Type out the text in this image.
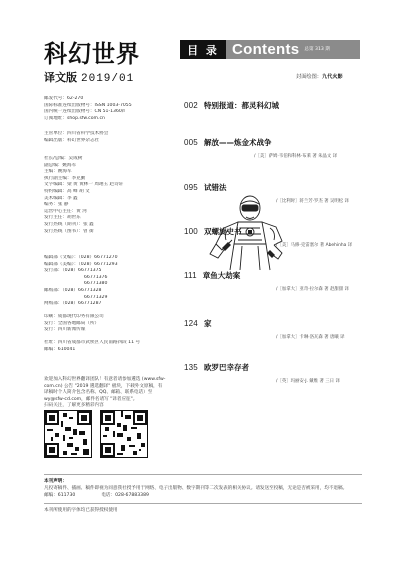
科幻世界
译文版 2019/01
邮发代号：62-270
国际标准连续出版物号：ISSN 1003-7055
国内统一连续出版物号：CN 51-1360/I
订阅地址：shop.sfw.com.cn
主管单位：四川省科学技术协会
编辑出版：科幻世界杂志社
社长/总编：吴成树
副总编：姚海军
主编：姚海军
执行副主编：李克勤
文字编辑：梁 黄 黄林一 周翊玉 赵诗轩
特约编辑：高 峰 胡 文
美术编辑：李 鑫
编务：张 静
运营中心主任：黄 河
发行主任：胡世东
发行热线（期刊）：张 鑫
发行热线（图书）：曾 街
编辑部（文编）：（028）66771270
编辑部（美编）：（028）66771293
发行部：（028）66771375
66771376
66771380
邮购部：（028）66771328
66771329
网购部：（028）66771287
印刷：成都现代印务有限公司
发行：全国各地邮局（所）
发行：四川新闻传媒
社址：四川省成都市武侯区人民南路四段 11 号
邮编：610041
欢迎加入科幻世界翻译团队！有意者请参加遴选 (www.sfw-com.cn) 公告 "2019 遴选翻译" 板块，下载外文原稿，有译稿时个人简介包含名称、QQ、邮箱、联系电话）至 wy@sfw-cd.com，邮件名请写 "译者应征"。
扫码关注，了解更多精彩内容
目 录 Contents 总第 313 期
封面绘图：九代火影
002 特别报道：都灵科幻城
005 解放——炼金术战争
/［美］萨姆·韦伯和科林·布莱 著 朱晶文 译
095 试错法
/［比利时］蒋兰芳·罗杰 著 吴明松 译
100 双螺旋史书
/［美］马修·克雷塞尔 著 Abehinha 译
111 章鱼大劫案
/［加拿大］亚奇·拉尔森 著 赵甜甜 译
124 家
/［加拿大］卡琳·洛瓦森 著 唐曦 译
135 欧罗巴幸存者
/［英］玛丽安·J. 戴维 著 三日 译
本刊声明：
凡投寄稿件、插画、稿件即视为同意我社授予用于网络、电子出版物、数字期刊等二次发表的相关协议。请发送至投稿，无论是否被采用，均不退稿。
邮编：611730	电话：028-67883389
本刊所使用的字体均已获得授权使用
